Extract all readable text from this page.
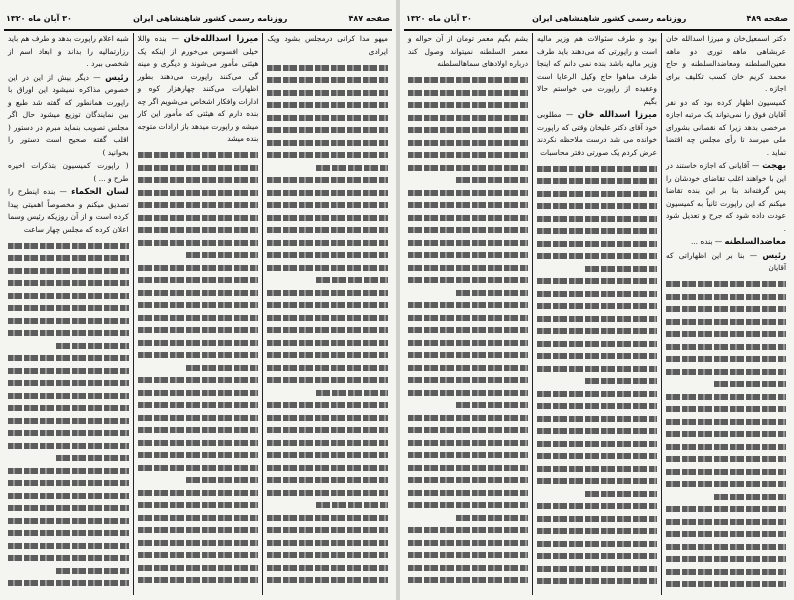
صفحه ۴۸۷
روزنامه رسمی کشور شاهنشاهی ایران
۳۰ آبان ماه ۱۳۲۰

میهو مدا کرانی درمجلس بشود ویک ایرادی

میرزا اسدالله‌خان — بنده واللا خیلی افسوس می‌خورم از اینکه یک هیئتی مأمور می‌شوند و دیگری و مینه گی می‌کنند راپورت می‌دهند بطور اظهارات می‌کنند چهارهزار کوه و ادارات وافکار اشخاص می‌شویم اگر چه بنده دارم که هیئتی که مأمور این کار میشه و راپورت میدهد باز ارادات متوجه بنده میشد

شبه اعلام راپورت بدهد و طرف هم باید رزارتمالیه را بداند و ابعاد اسم از شخصی ببرد .

رئیس — دیگر بیش از این در این خصوص مذاکره نمیشود این اوراق با راپورت همانطور که گفته شد طبع و بین نمایندگان توزیع میشود حال اگر مجلس تصویب بنماید مبرم در دستور ( اقلب گفته صحیح است دستور را بخوانید )

( راپورت کمیسیون بتذکرات اخیره طرح و ... )

لسان الحکماء — بنده اینطرح را تصدیق میکنم و مخصوصاً اهمیتی پیدا کرده است و از آن روزیکه رئیس وسما اعلان کرده که مجلس چهار ساعت

صفحه ۴۸۹
روزنامه رسمی کشور شاهنشاهی ایران
۳۰ آبان ماه ۱۳۲۰

دکتر اسمعیل‌خان و میرزا اسدالله خان عربشاهی ماهه توری دو ماهه معین‌السلطنه ومعاضدالسلطنه و حاج محمد کریم خان کسب تکلیف برای اجازه .

کمیسیون اظهار کرده بود که دو نفر آقایان فوق را نمی‌تواند یک مرتبه اجازه مرخصی بدهد زیرا که نقصانی بشورای ملی میرسد تا رأی مجلس چه اقتضا نماید .

بهجت — آقایانی که اجازه خاستند در این با خواهند اغلب تقاضای خودشان را پس گرفته‌اند بنا بر این بنده تقاضا میکنم که این راپورت ثانیاً به کمیسیون عودت داده شود که جرح و تعدیل شود .

معاضدالسلطنه — بنده ...

رئیس — بنا بر این اظهاراتی که آقایان

بود و طرف سئوالات هم وزیر مالیه است و راپورتی که می‌دهند باید طرف وزیر مالیه باشد بنده نمی دانم که اینجا طرف مباهوا حاج وکیل الرعایا است وعقیده از راپورت می خواستم حالا بگیم

میرزا اسدالله خان — مطلوبی خود آقای دکتر علیخان وقتی که راپورت خوانده می شد درست ملاحظه نکردند عرض کردم یک صورتی دفتر محاسبات

بشم بگیم معمر تومان از آن حواله و معمر السلطنه نمیتواند وصول کند درباره اولادهای سماهالسلطنه
